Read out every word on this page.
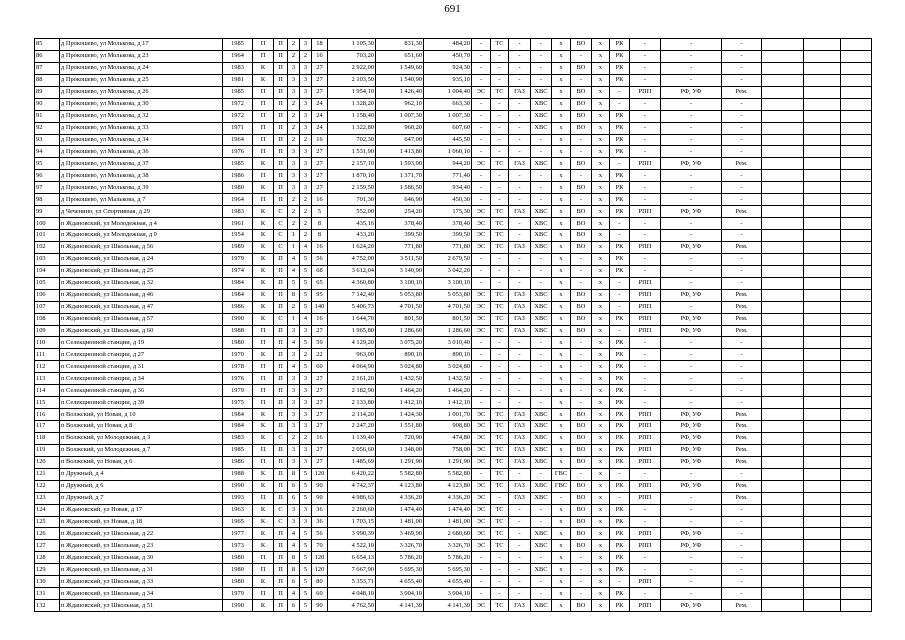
691
85	д Прокошево, ул Молькова, д 17	1985	П	П	2	3	18	1 105,30	831,30	484,20	-	ТС	-	-	х	ВО	х	РК	-	-	-			
86	д Прокошево, ул Молькова, д 23	1964	П	П	2	2	16	703,20	651,60	450,70	-	-	-	-	х	-	х	РК	-	-	-			
87	д Прокошево, ул Молькова, д 24	1983	К	П	3	3	27	2 922,00	1 549,60	924,30	-	-	-	-	х	ВО	х	РК	-	-	-			
88	д Прокошево, ул Молькова, д 25	1981	К	П	3	3	27	2 103,50	1 540,90	935,10	-	-	-	-	х	-	х	РК	-	-	-			
89	д Прокошево, ул Молькова, д 26	1985	П	П	3	3	27	1 954,10	1 426,40	1 004,40	ЭС	ТС	ГАЗ	ХВС	х	ВО	х	-	РПП	РФ, УФ	Рем.			
90	д Прокошево, ул Молькова, д 30	1972	П	П	2	3	24	1 328,20	962,10	663,30	-	-	-	ХВС	х	ВО	х	-	-	-	-			
91	д Прокошево, ул Молькова, д 32	1972	П	П	2	3	24	1 158,40	1 007,30	1 007,30	-	-	-	ХВС	х	ВО	х	РК	-	-	-			
92	д Прокошево, ул Молькова, д 33	1971	П	П	2	3	24	1 322,80	960,20	607,60	-	-	-	ХВС	х	ВО	х	РК	-	-	-			
93	д Прокошево, ул Молькова, д 34	1964	П	П	2	2	16	702,30	647,00	445,50	-	-	-	-	х	-	х	РК	-	-	-			
94	д Прокошево, ул Молькова, д 36	1976	П	П	3	3	27	1 531,90	1 413,80	1 060,10	-	-	-	-	х	-	х	РК	-	-	-			
95	д Прокошево, ул Молькова, д 37	1985	К	П	3	3	27	2 157,10	1 593,90	944,20	ЭС	ТС	ГАЗ	ХВС	х	ВО	х	-	РПП	РФ, УФ	Рем.			
96	д Прокошево, ул Молькова, д 38	1986	П	П	3	3	27	1 870,10	1 371,70	771,40	-	-	-	-	х	-	х	РК	-	-	-			
97	д Прокошево, ул Молькова, д 39	1980	К	П	3	3	27	2 159,50	1 586,50	934,40	-	-	-	-	х	ВО	х	РК	-	-	-			
98	д Прокошево, ул Малькова, д 7	1964	П	П	2	2	16	701,30	646,90	450,30	-	-	-	-	х	-	х	РК	-	-	-			
99	д Чеченино, ул Спортивная, д 29	1983	К	С	2	2	5	552,00	254,20	175,30	ЭС	ТС	ГАЗ	ХВС	х	ВО	х	РК	РПП	РФ, УФ	Рем.			
100	п Ждановский, ул Молодежная, д 4	1961	К	С	2	2	8	435,16	378,40	378,40	ЭС	ТС	-	ХВС	х	ВО	х	-	-	-	-			
101	п Ждановский, ул Молодежная, д 9	1954	К	С	1	2	8	433,20	399,50	399,50	ЭС	ТС	-	ХВС	х	ВО	х	-	-	-	-			
102	п Ждановский, ул Школьная, д 56	1989	К	С	1	4	16	1 624,20	771,80	771,80	ЭС	ТС	ГАЗ	ХВС	х	ВО	х	РК	РПП	РФ, УФ	Рем.			
103	п Ждановский, ул Школьная, д 24	1979	К	П	4	5	56	4 752,00	3 511,50	2 679,50	-	-	-	-	х	-	х	РК	-	-	-			
104	п Ждановский, ул Школьная, д 25	1974	К	П	4	5	68	3 612,04	3 140,90	3 042,20	-	-	-	-	х	-	х	РК	-	-	-			
105	п Ждановский, ул Школьная, д 32	1984	К	П	5	5	65	4 360,80	3 100,10	3 100,10	-	-	-	-	х	-	х	-	РПП	-	-			
106	п Ждановский, ул Школьная, д 46	1984	К	П	8	5	95	7 142,40	5 053,80	5 053,80	ЭС	ТС	ГАЗ	ХВС	х	ВО	х	-	РПП	РФ, УФ	Рем.			
107	п Ждановский, ул Школьная, д 47	1986	К	П	2	5	140	5 406,73	4 701,50	4 701,50	ЭС	ТС	ГАЗ	ХВС	х	ВО	х	-	РПП	-	Рем.			
108	п Ждановский, ул Школьная, д 57	1990	К	С	1	4	16	1 644,70	801,50	801,50	ЭС	ТС	ГАЗ	ХВС	х	ВО	х	РК	РПП	РФ, УФ	Рем.			
109	п Ждановский, ул Школьная, д 60	1988	П	П	3	3	27	1 965,80	1 286,60	1 286,60	ЭС	ТС	ГАЗ	ХВС	х	ВО	х	-	РПП	РФ, УФ	Рем.			
110	п Селекционной станции, д 19	1980	П	П	4	5	59	4 129,20	3 075,20	3 010,40	-	-	-	-	х	-	х	РК	-	-	-			
111	п Селекционной станции, д 27	1970	К	П	3	2	22	963,00	890,10	890,10	-	-	-	-	х	-	х	РК	-	-	-			
112	п Селекционной станции, д 31	1978	П	П	4	5	60	4 064,90	3 024,80	3 024,80	-	-	-	-	х	-	х	РК	-	-	-			
113	п Селекционной станции, д 34	1976	П	П	3	3	27	2 161,20	1 432,50	1 432,50	-	-	-	-	х	-	х	РК	-	-	-			
114	п Селекционной станции, д 36	1979	П	П	3	3	27	2 182,90	1 464,20	1 464,20	-	-	-	-	х	-	х	РК	-	-	-			
115	п Селекционной станции, д 39	1975	П	П	3	3	27	2 133,80	1 412,10	1 412,10	-	-	-	-	х	-	х	РК	-	-	-			
116	п Волжский, ул Новая, д 10	1984	К	П	3	3	27	2 114,20	1 424,30	1 001,70	ЭС	ТС	ГАЗ	ХВС	х	ВО	х	РК	РПП	РФ, УФ	Рем.			
117	п Волжский, ул Новая, д 8	1984	К	П	3	3	27	2 247,20	1 551,80	908,80	ЭС	ТС	ГАЗ	ХВС	х	ВО	х	РК	РПП	РФ, УФ	Рем.			
118	п Волжский, ул Молодежная, д 3	1983	К	С	2	2	16	1 139,40	720,90	474,80	ЭС	ТС	ГАЗ	ХВС	х	ВО	х	РК	РПП	РФ, УФ	Рем.			
119	п Волжский, ул Молодежная, д 7	1985	П	П	3	3	27	2 056,60	1 348,00	758,00	ЭС	ТС	ГАЗ	ХВС	х	ВО	х	РК	РПП	РФ, УФ	Рем.			
120	п Волжский, ул Новая, д 6	1986	П	П	3	3	27	1 485,69	1 291,90	1 291,90	ЭС	ТС	ГАЗ	ХВС	х	ВО	х	РК	РПП	РФ, УФ	Рем.			
121	п Дружный, д 4	1988	К	П	8	5	120	6 420,22	5 582,80	5 582,80	-	ТС	-	-	ГВС	-	х	-	-	-	-			
122	п Дружный, д 6	1990	К	П	6	5	90	4 742,37	4 123,80	4 123,80	ЭС	ТС	ГАЗ	ХВС	ГВС	ВО	х	РК	РПП	РФ, УФ	Рем.			
123	п Дружный, д 7	1993	П	П	6	5	90	4 986,63	4 336,20	4 336,20	ЭС	-	ГАЗ	ХВС	-	ВО	х	-	РПП	-	Рем.			
124	п Ждановский, ул Новая, д 17	1963	К	С	3	3	36	2 260,60	1 474,40	1 474,40	ЭС	ТС	-	-	х	ВО	х	РК	-	-	-			
125	п Ждановский, ул Новая, д 18	1965	К	С	3	3	36	1 703,15	1 481,00	1 481,00	ЭС	ТС	-	-	х	ВО	х	РК	-	-	-			
126	п Ждановский, ул Школьная, д 22	1977	К	П	4	5	56	3 990,39	3 469,90	2 680,60	ЭС	ТС	-	ХВС	х	ВО	х	РК	РПП	РФ, УФ	-			
127	п Ждановский, ул Школьная, д 23	1973	К	П	4	5	70	4 522,10	3 326,70	3 326,70	ЭС	ТС	-	ХВС	х	ВО	х	РК	РПП	РФ, УФ	-			
128	п Ждановский, ул Школьная, д 30	1980	П	П	8	5	120	6 654,13	5 786,20	5 786,20	-	-	-	-	х	-	х	РК	-	-	-			
129	п Ждановский, ул Школьная, д 31	1980	П	П	8	5	120	7 667,90	5 695,30	5 695,30	-	-	-	ХВС	х	-	х	РК	-	-	-			
130	п Ждановский, ул Школьная, д 33	1980	К	П	6	5	80	5 353,71	4 655,40	4 655,40	-	-	-	-	х	-	х	-	РПП	-	-			
131	п Ждановский, ул Школьная, д 34	1979	П	П	4	5	60	4 048,10	3 004,10	3 004,10	-	-	-	-	х	-	х	РК	-	-	-			
132	п Ждановский, ул Школьная, д 51	1990	К	П	6	5	90	4 762,50	4 141,30	4 141,30	ЭС	ТС	ГАЗ	ХВС	х	ВО	х	РК	РПП	РФ, УФ	Рем.			
